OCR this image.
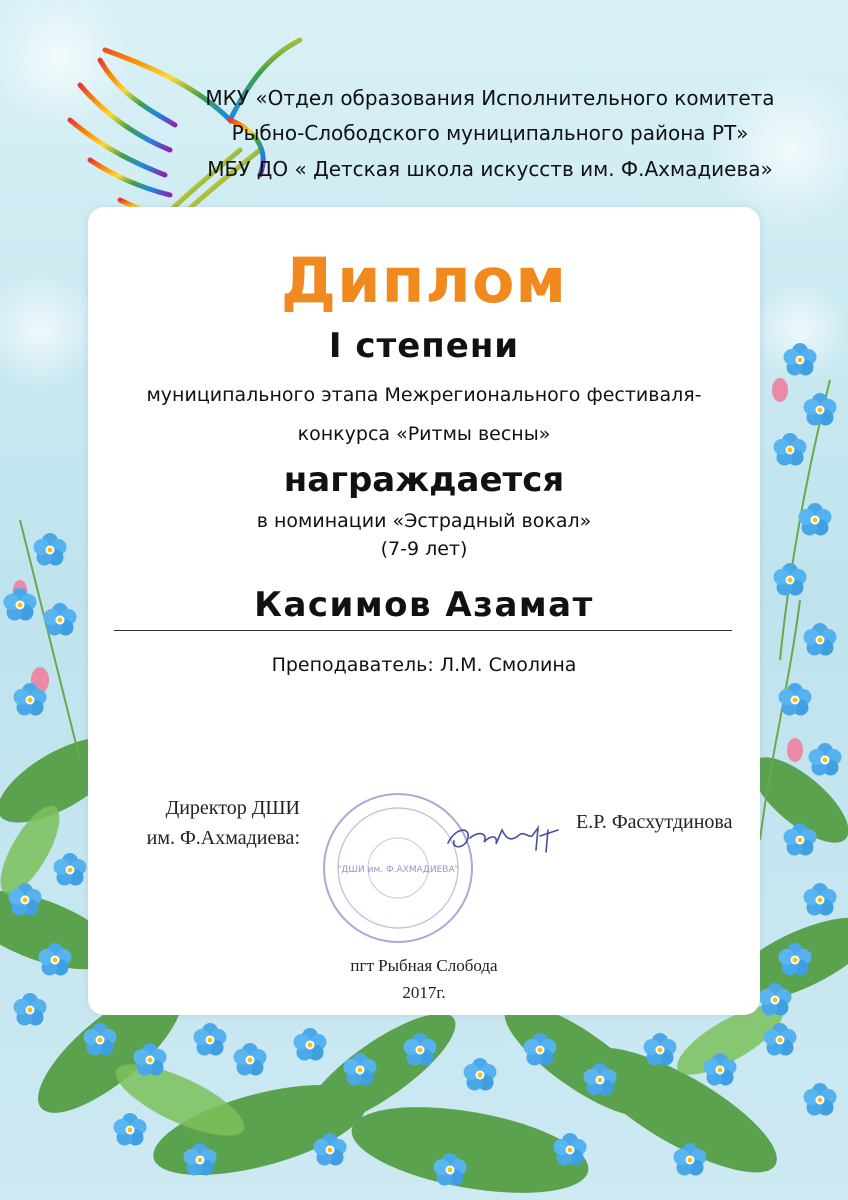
МКУ «Отдел образования Исполнительного комитета
Рыбно-Слободского муниципального района РТ»
МБУ ДО « Детская школа искусств им. Ф.Ахмадиева»
Диплом
I степени
муниципального этапа Межрегионального фестиваля-
конкурса «Ритмы весны»
награждается
в номинации «Эстрадный вокал»
(7-9 лет)
Касимов Азамат
Преподаватель: Л.М. Смолина
Директор ДШИ
им. Ф.Ахмадиева:
"ДШИ им. Ф.АХМАДИЕВА"
Е.Р. Фасхутдинова
пгт Рыбная Слобода
2017г.
